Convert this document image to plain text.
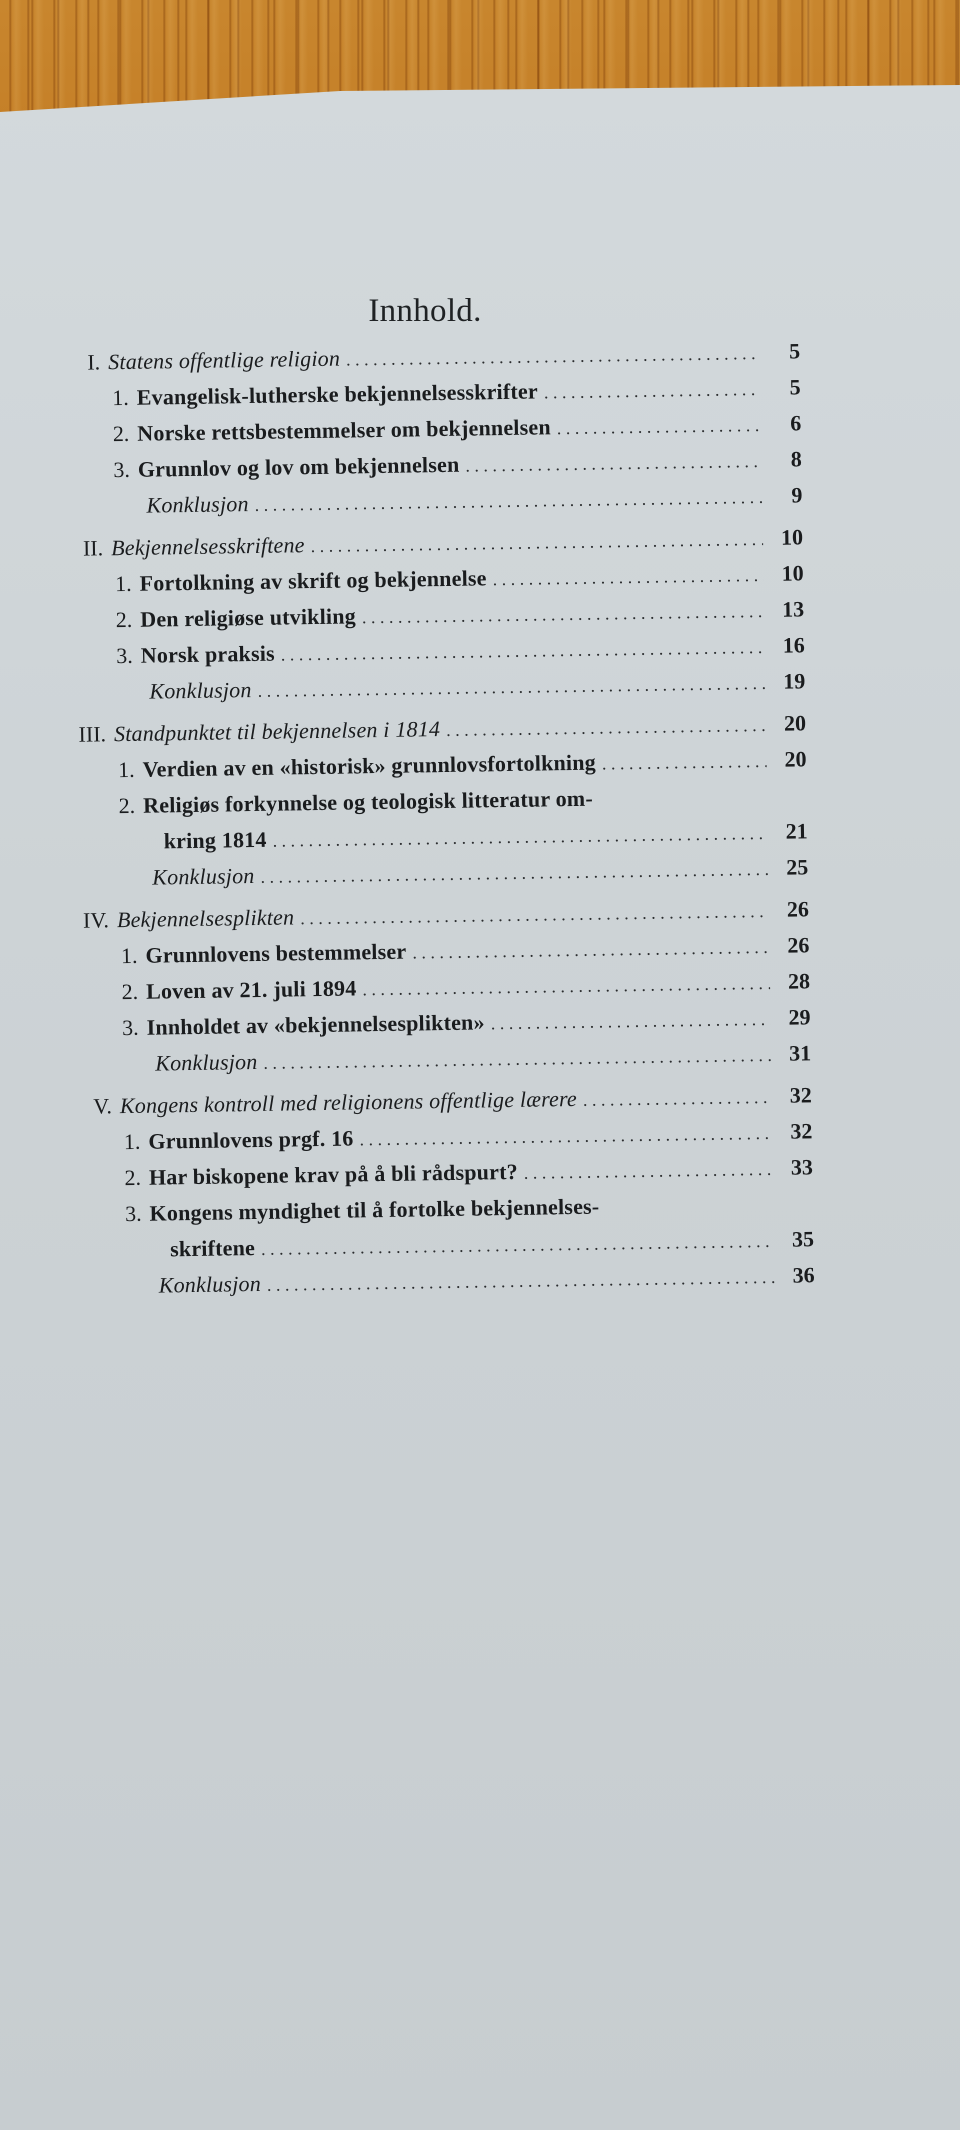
Innhold.
I. Statens offentlige religion . . .	5
1. Evangelisk-lutherske bekjennelsesskrifter . . .	5
2. Norske rettsbestemmelser om bekjennelsen . . .	6
3. Grunnlov og lov om bekjennelsen . . .	8
Konklusjon . . .	9
II. Bekjennelsesskriftene . . .	10
1. Fortolkning av skrift og bekjennelse . . .	10
2. Den religiøse utvikling . . .	13
3. Norsk praksis . . .	16
Konklusjon . . .	19
III. Standpunktet til bekjennelsen i 1814 . . .	20
1. Verdien av en «historisk» grunnlovsfortolkning . . .	20
2. Religiøs forkynnelse og teologisk litteratur om-
kring 1814 . . .	21
Konklusjon . . .	25
IV. Bekjennelsesplikten . . .	26
1. Grunnlovens bestemmelser . . .	26
2. Loven av 21. juli 1894 . . .	28
3. Innholdet av «bekjennelsesplikten» . . .	29
Konklusjon . . .	31
V. Kongens kontroll med religionens offentlige lærere . . .	32
1. Grunnlovens prgf. 16 . . .	32
2. Har biskopene krav på å bli rådspurt? . . .	33
3. Kongens myndighet til å fortolke bekjennelses-
skriftene . . .	35
Konklusjon . . .	36
